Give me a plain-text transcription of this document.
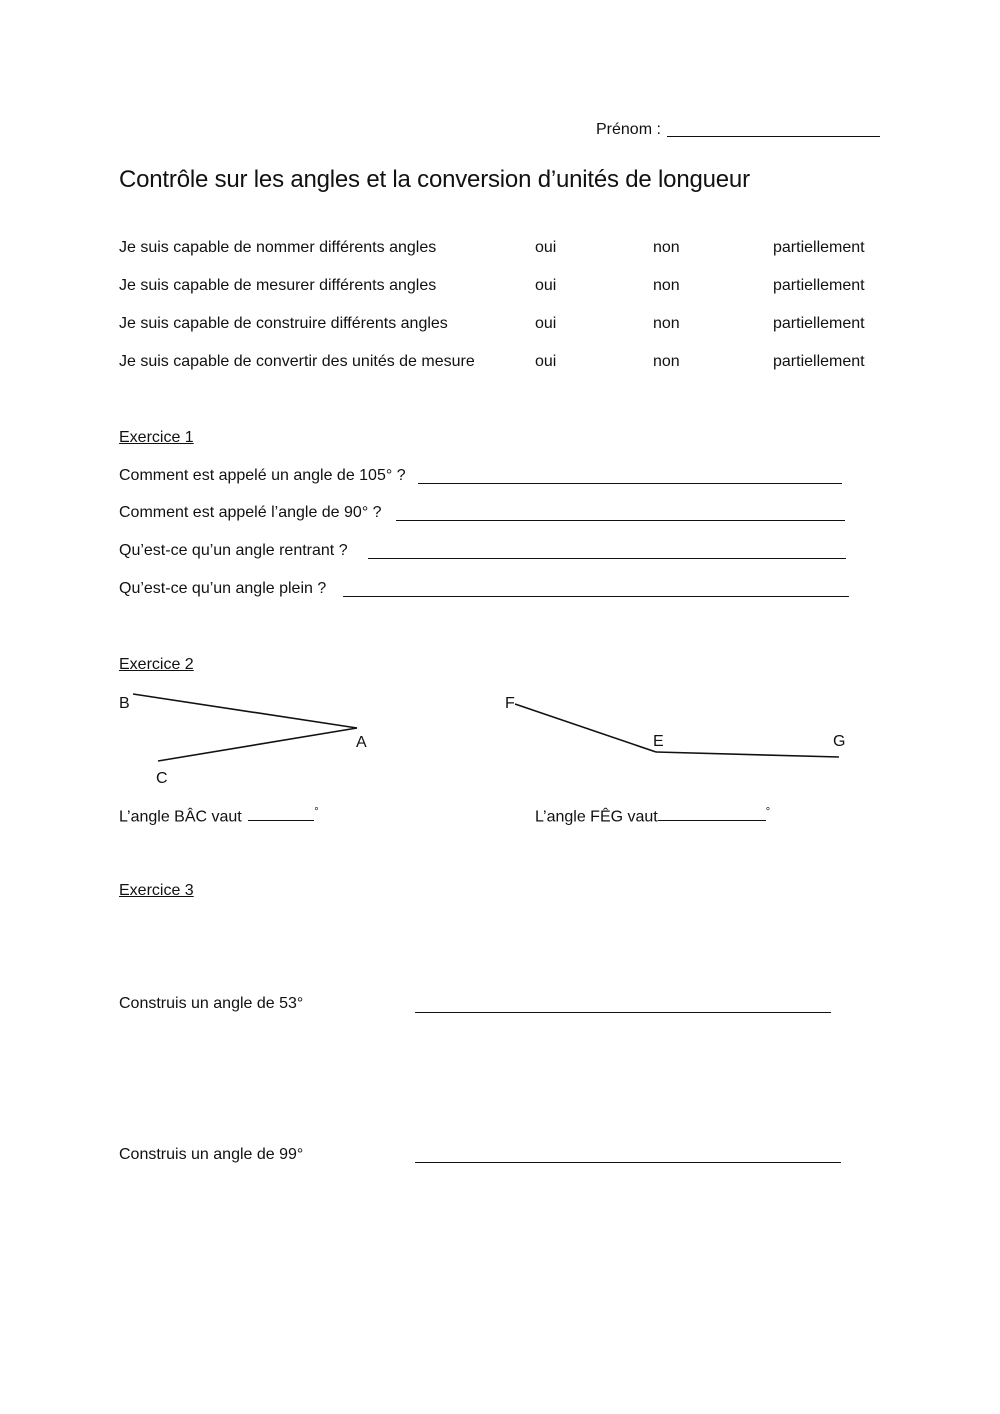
Prénom :
Contrôle sur les angles et la conversion d’unités de longueur
Je suis capable de nommer différents angles	oui	non	partiellement
Je suis capable de mesurer différents angles	oui	non	partiellement
Je suis capable de construire différents angles	oui	non	partiellement
Je suis capable de convertir des unités de mesure	oui	non	partiellement
Exercice 1
Comment est appelé un angle de 105° ?
Comment est appelé l’angle de 90° ?
Qu’est-ce qu’un angle rentrant ?
Qu’est-ce qu’un angle plein ?
Exercice 2
B
A
C
F
E	G
L’angle BÂC vaut	°	L’angle FÊG vaut	°
Exercice 3
Construis un angle de 53°
Construis un angle de 99°
